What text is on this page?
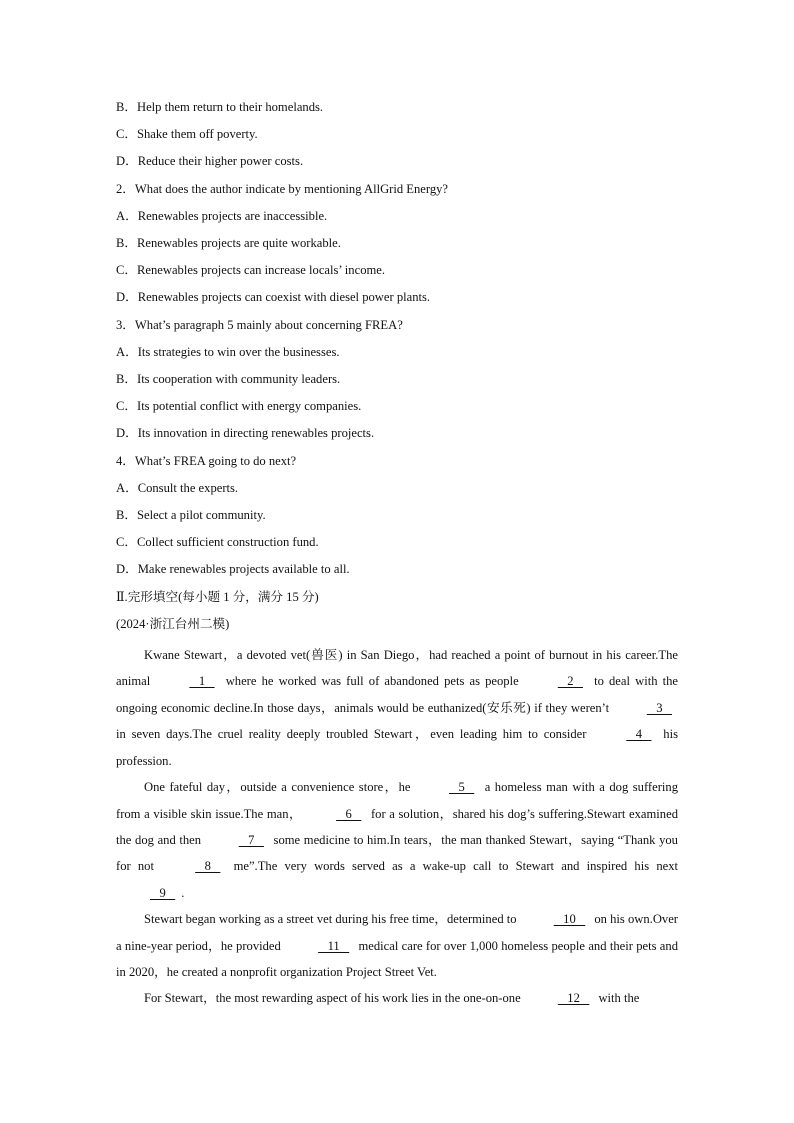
B．Help them return to their homelands.
C．Shake them off poverty.
D．Reduce their higher power costs.
2．What does the author indicate by mentioning AllGrid Energy?
A．Renewables projects are inaccessible.
B．Renewables projects are quite workable.
C．Renewables projects can increase locals’ income.
D．Renewables projects can coexist with diesel power plants.
3．What’s paragraph 5 mainly about concerning FREA?
A．Its strategies to win over the businesses.
B．Its cooperation with community leaders.
C．Its potential conflict with energy companies.
D．Its innovation in directing renewables projects.
4．What’s FREA going to do next?
A．Consult the experts.
B．Select a pilot community.
C．Collect sufficient construction fund.
D．Make renewables projects available to all.
Ⅱ.完形填空(每小题 1 分，满分 15 分)
(2024·浙江台州二模)

Kwane Stewart，a devoted vet(兽医) in San Diego，had reached a point of burnout in his career.The animal	1    where he worked was full of abandoned pets as people	2    to deal with the ongoing economic decline.In those days，animals would be euthanized(安乐死) if they weren’t	3    in seven days.The cruel reality deeply troubled Stewart，even leading him to consider	4    his profession.

One fateful day，outside a convenience store，he	5    a homeless man with a dog suffering from a visible skin issue.The man，	6    for a solution，shared his dog’s suffering.Stewart examined the dog and then	7    some medicine to him.In tears，the man thanked Stewart，saying “Thank you for not	8    me”.The very words served as a wake-up call to Stewart and inspired his next    9   .

Stewart began working as a street vet during his free time，determined to	10    on his own.Over a nine-year period，he provided	11    medical care for over 1,000 homeless people and their pets and in 2020，he created a nonprofit organization Project Street Vet.

For Stewart，the most rewarding aspect of his work lies in the one-on-one	12    with the
